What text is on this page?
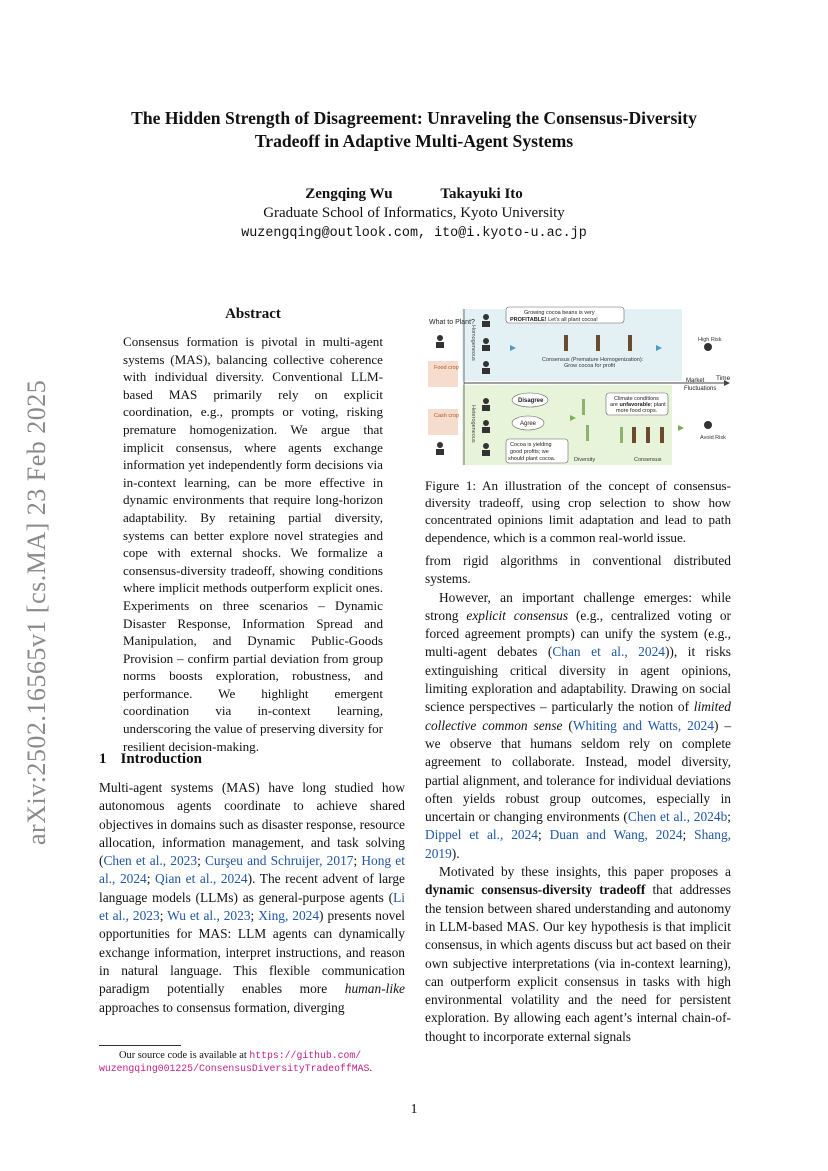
The Hidden Strength of Disagreement: Unraveling the Consensus-Diversity
Tradeoff in Adaptive Multi-Agent Systems
Zengqing Wu	Takayuki Ito
Graduate School of Informatics, Kyoto University
wuzengqing@outlook.com, ito@i.kyoto-u.ac.jp
arXiv:2502.16565v1 [cs.MA] 23 Feb 2025
Abstract
Consensus formation is pivotal in multi-agent systems (MAS), balancing collective coherence with individual diversity. Conventional LLM-based MAS primarily rely on explicit coordination, e.g., prompts or voting, risking premature homogenization. We argue that implicit consensus, where agents exchange information yet independently form decisions via in-context learning, can be more effective in dynamic environments that require long-horizon adaptability. By retaining partial diversity, systems can better explore novel strategies and cope with external shocks. We formalize a consensus-diversity tradeoff, showing conditions where implicit methods outperform explicit ones. Experiments on three scenarios – Dynamic Disaster Response, Information Spread and Manipulation, and Dynamic Public-Goods Provision – confirm partial deviation from group norms boosts exploration, robustness, and performance. We highlight emergent coordination via in-context learning, underscoring the value of preserving diversity for resilient decision-making.
1 Introduction

Multi-agent systems (MAS) have long studied how autonomous agents coordinate to achieve shared objectives in domains such as disaster response, resource allocation, information management, and task solving (Chen et al., 2023; Curşeu and Schruijer, 2017; Hong et al., 2024; Qian et al., 2024). The recent advent of large language models (LLMs) as general-purpose agents (Li et al., 2023; Wu et al., 2023; Xing, 2024) presents novel opportunities for MAS: LLM agents can dynamically exchange information, interpret instructions, and reason in natural language. This flexible communication paradigm potentially enables more human-like approaches to consensus formation, diverging

Our source code is available at https://github.com/
wuzengqing001225/ConsensusDiversityTradeoffMAS.
1
Time
Market
Fluctuations
What to Plant?
Food crop
Cash crop
Homogeneous
Heterogeneous
Growing cocoa beans is very
PROFITABLE! Let’s all plant cocoa!
Consensus (Premature Homogenization):
Grow cocoa for profit
High Risk
Disagree
Agree
Cocoa is yielding
good profits; we
should plant cocoa.
Climate conditions
are unfavorable; plant
more food crops.
Diversity	Consensus
Avoid Risk
Figure 1: An illustration of the concept of consensus-diversity tradeoff, using crop selection to show how concentrated opinions limit adaptation and lead to path dependence, which is a common real-world issue.

from rigid algorithms in conventional distributed systems.

However, an important challenge emerges: while strong explicit consensus (e.g., centralized voting or forced agreement prompts) can unify the system (e.g., multi-agent debates (Chan et al., 2024)), it risks extinguishing critical diversity in agent opinions, limiting exploration and adaptability. Drawing on social science perspectives – particularly the notion of limited collective common sense (Whiting and Watts, 2024) – we observe that humans seldom rely on complete agreement to collaborate. Instead, model diversity, partial alignment, and tolerance for individual deviations often yields robust group outcomes, especially in uncertain or changing environments (Chen et al., 2024b; Dippel et al., 2024; Duan and Wang, 2024; Shang, 2019).

Motivated by these insights, this paper proposes a dynamic consensus-diversity tradeoff that addresses the tension between shared understanding and autonomy in LLM-based MAS. Our key hypothesis is that implicit consensus, in which agents discuss but act based on their own subjective interpretations (via in-context learning), can outperform explicit consensus in tasks with high environmental volatility and the need for persistent exploration. By allowing each agent’s internal chain-of-thought to incorporate external signals
